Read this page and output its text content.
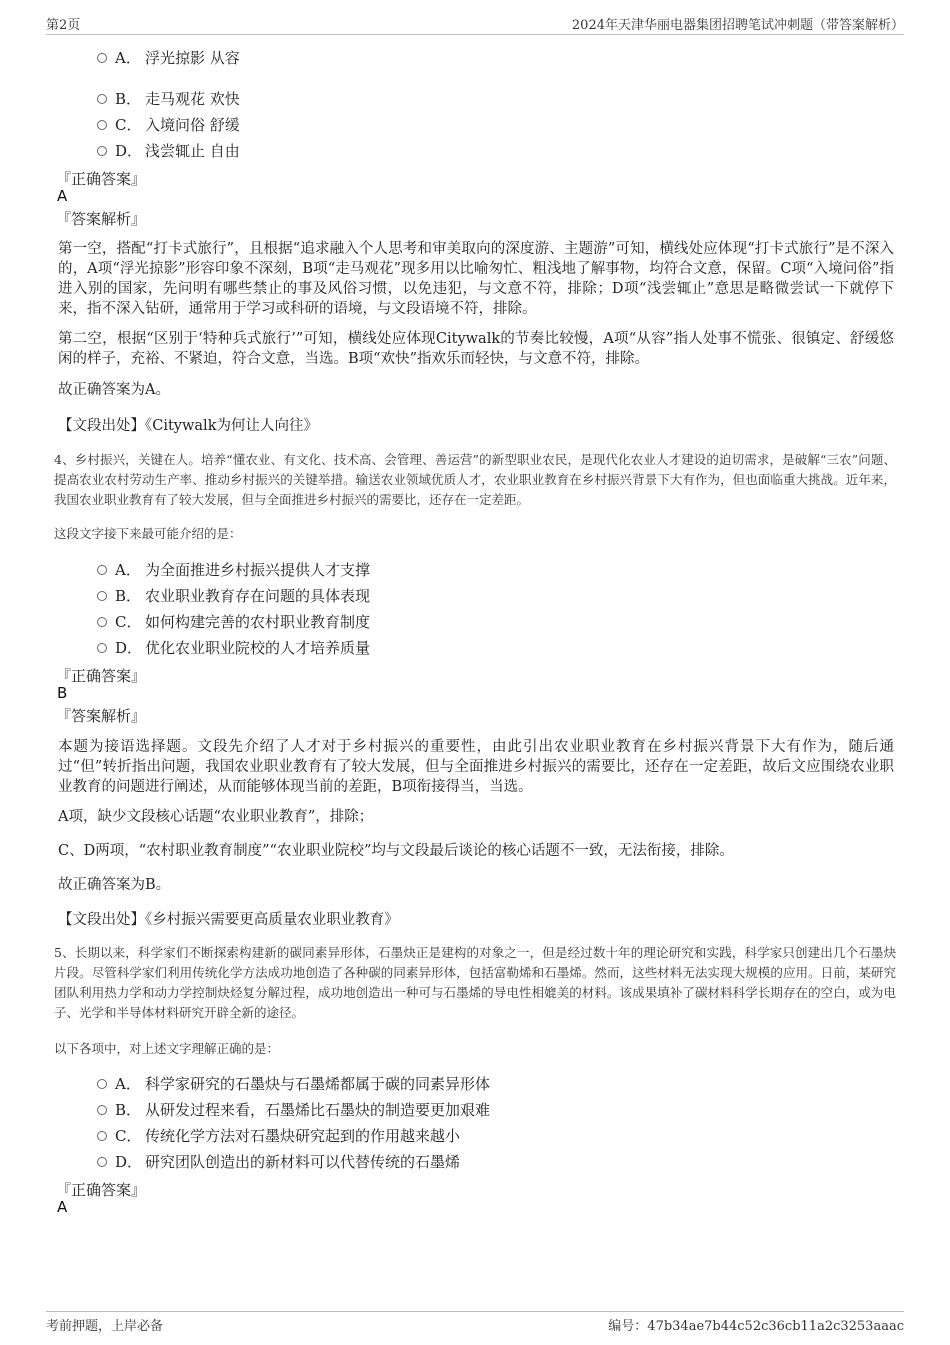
第2页	2024年天津华丽电器集团招聘笔试冲刺题（带答案解析）
A． 浮光掠影 从容
B． 走马观花 欢快
C． 入境问俗 舒缓
D． 浅尝辄止 自由
『正确答案』
A
『答案解析』
第一空，搭配“打卡式旅行”，且根据“追求融入个人思考和审美取向的深度游、主题游”可知，横线处应体现“打卡式旅行”是不深入的，A项“浮光掠影”形容印象不深刻，B项“走马观花”现多用以比喻匆忙、粗浅地了解事物，均符合文意，保留。C项“入境问俗”指进入别的国家，先问明有哪些禁止的事及风俗习惯，以免违犯，与文意不符，排除；D项“浅尝辄止”意思是略微尝试一下就停下来，指不深入钻研，通常用于学习或科研的语境，与文段语境不符，排除。
第二空，根据“区别于‘特种兵式旅行’”可知，横线处应体现Citywalk的节奏比较慢，A项“从容”指人处事不慌张、很镇定、舒缓悠闲的样子，充裕、不紧迫，符合文意，当选。B项“欢快”指欢乐而轻快，与文意不符，排除。
故正确答案为A。
【文段出处】《Citywalk为何让人向往》
4、乡村振兴，关键在人。培养“懂农业、有文化、技术高、会管理、善运营”的新型职业农民，是现代化农业人才建设的迫切需求，是破解“三农”问题、提高农业农村劳动生产率、推动乡村振兴的关键举措。输送农业领域优质人才，农业职业教育在乡村振兴背景下大有作为，但也面临重大挑战。近年来，我国农业职业教育有了较大发展，但与全面推进乡村振兴的需要比，还存在一定差距。
这段文字接下来最可能介绍的是：
A． 为全面推进乡村振兴提供人才支撑
B． 农业职业教育存在问题的具体表现
C． 如何构建完善的农村职业教育制度
D． 优化农业职业院校的人才培养质量
『正确答案』
B
『答案解析』
本题为接语选择题。文段先介绍了人才对于乡村振兴的重要性，由此引出农业职业教育在乡村振兴背景下大有作为，随后通过“但”转折指出问题，我国农业职业教育有了较大发展，但与全面推进乡村振兴的需要比，还存在一定差距，故后文应围绕农业职业教育的问题进行阐述，从而能够体现当前的差距，B项衔接得当，当选。
A项，缺少文段核心话题“农业职业教育”，排除；
C、D两项，“农村职业教育制度”“农业职业院校”均与文段最后谈论的核心话题不一致，无法衔接，排除。
故正确答案为B。
【文段出处】《乡村振兴需要更高质量农业职业教育》
5、长期以来，科学家们不断探索构建新的碳同素异形体，石墨炔正是建构的对象之一，但是经过数十年的理论研究和实践，科学家只创建出几个石墨炔片段。尽管科学家们利用传统化学方法成功地创造了各种碳的同素异形体，包括富勒烯和石墨烯。然而，这些材料无法实现大规模的应用。日前，某研究团队利用热力学和动力学控制炔烃复分解过程，成功地创造出一种可与石墨烯的导电性相媲美的材料。该成果填补了碳材料科学长期存在的空白，或为电子、光学和半导体材料研究开辟全新的途径。
以下各项中，对上述文字理解正确的是：
A． 科学家研究的石墨炔与石墨烯都属于碳的同素异形体
B． 从研发过程来看，石墨烯比石墨炔的制造要更加艰难
C． 传统化学方法对石墨炔研究起到的作用越来越小
D． 研究团队创造出的新材料可以代替传统的石墨烯
『正确答案』
A
考前押题，上岸必备	编号：47b34ae7b44c52c36cb11a2c3253aaac
